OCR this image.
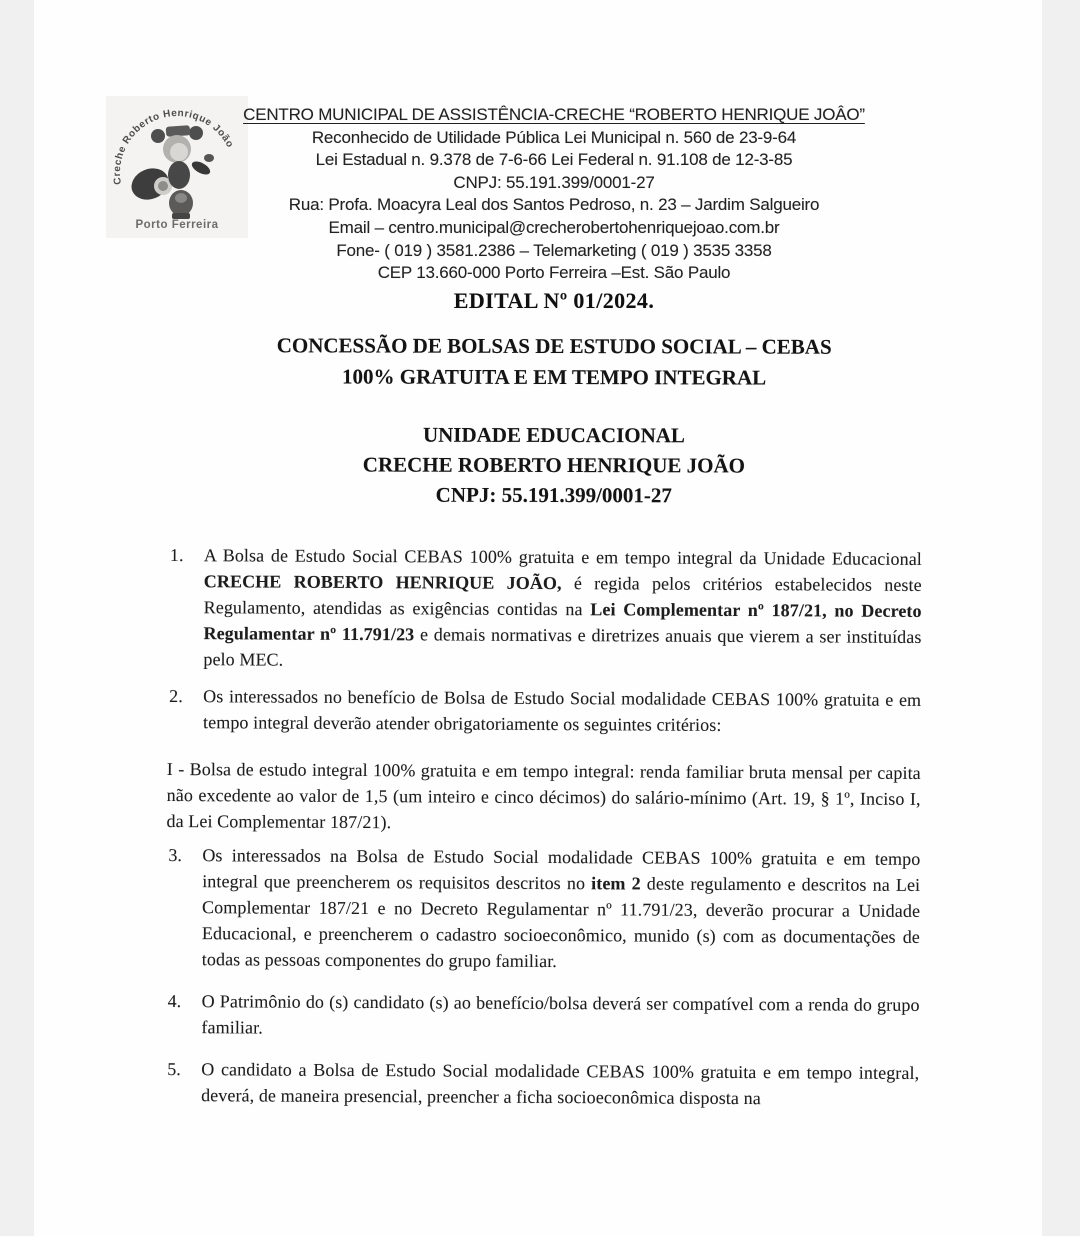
Creche Roberto Henrique João
Porto Ferreira
CENTRO MUNICIPAL DE ASSISTÊNCIA-CRECHE “ROBERTO HENRIQUE JOÂO”
Reconhecido de Utilidade Pública Lei Municipal n. 560 de 23-9-64
Lei Estadual n. 9.378 de 7-6-66 Lei Federal n. 91.108 de 12-3-85
CNPJ: 55.191.399/0001-27
Rua: Profa. Moacyra Leal dos Santos Pedroso, n. 23 – Jardim Salgueiro
Email – centro.municipal@crecherobertohenriquejoao.com.br
Fone- ( 019 ) 3581.2386 – Telemarketing ( 019 ) 3535 3358
CEP 13.660-000 Porto Ferreira –Est. São Paulo
EDITAL Nº 01/2024.
CONCESSÃO DE BOLSAS DE ESTUDO SOCIAL – CEBAS
100% GRATUITA E EM TEMPO INTEGRAL
UNIDADE EDUCACIONAL
CRECHE ROBERTO HENRIQUE JOÃO
CNPJ: 55.191.399/0001-27
1. A Bolsa de Estudo Social CEBAS 100% gratuita e em tempo integral da Unidade Educacional CRECHE ROBERTO HENRIQUE JOÃO, é regida pelos critérios estabelecidos neste Regulamento, atendidas as exigências contidas na Lei Complementar nº 187/21, no Decreto Regulamentar nº 11.791/23 e demais normativas e diretrizes anuais que vierem a ser instituídas pelo MEC.
2. Os interessados no benefício de Bolsa de Estudo Social modalidade CEBAS 100% gratuita e em tempo integral deverão atender obrigatoriamente os seguintes critérios:
I - Bolsa de estudo integral 100% gratuita e em tempo integral: renda familiar bruta mensal per capita não excedente ao valor de 1,5 (um inteiro e cinco décimos) do salário-mínimo (Art. 19, § 1º, Inciso I, da Lei Complementar 187/21).
3. Os interessados na Bolsa de Estudo Social modalidade CEBAS 100% gratuita e em tempo integral que preencherem os requisitos descritos no item 2 deste regulamento e descritos na Lei Complementar 187/21 e no Decreto Regulamentar nº 11.791/23, deverão procurar a Unidade Educacional, e preencherem o cadastro socioeconômico, munido (s) com as documentações de todas as pessoas componentes do grupo familiar.
4. O Patrimônio do (s) candidato (s) ao benefício/bolsa deverá ser compatível com a renda do grupo familiar.
5. O candidato a Bolsa de Estudo Social modalidade CEBAS 100% gratuita e em tempo integral, deverá, de maneira presencial, preencher a ficha socioeconômica disposta na
